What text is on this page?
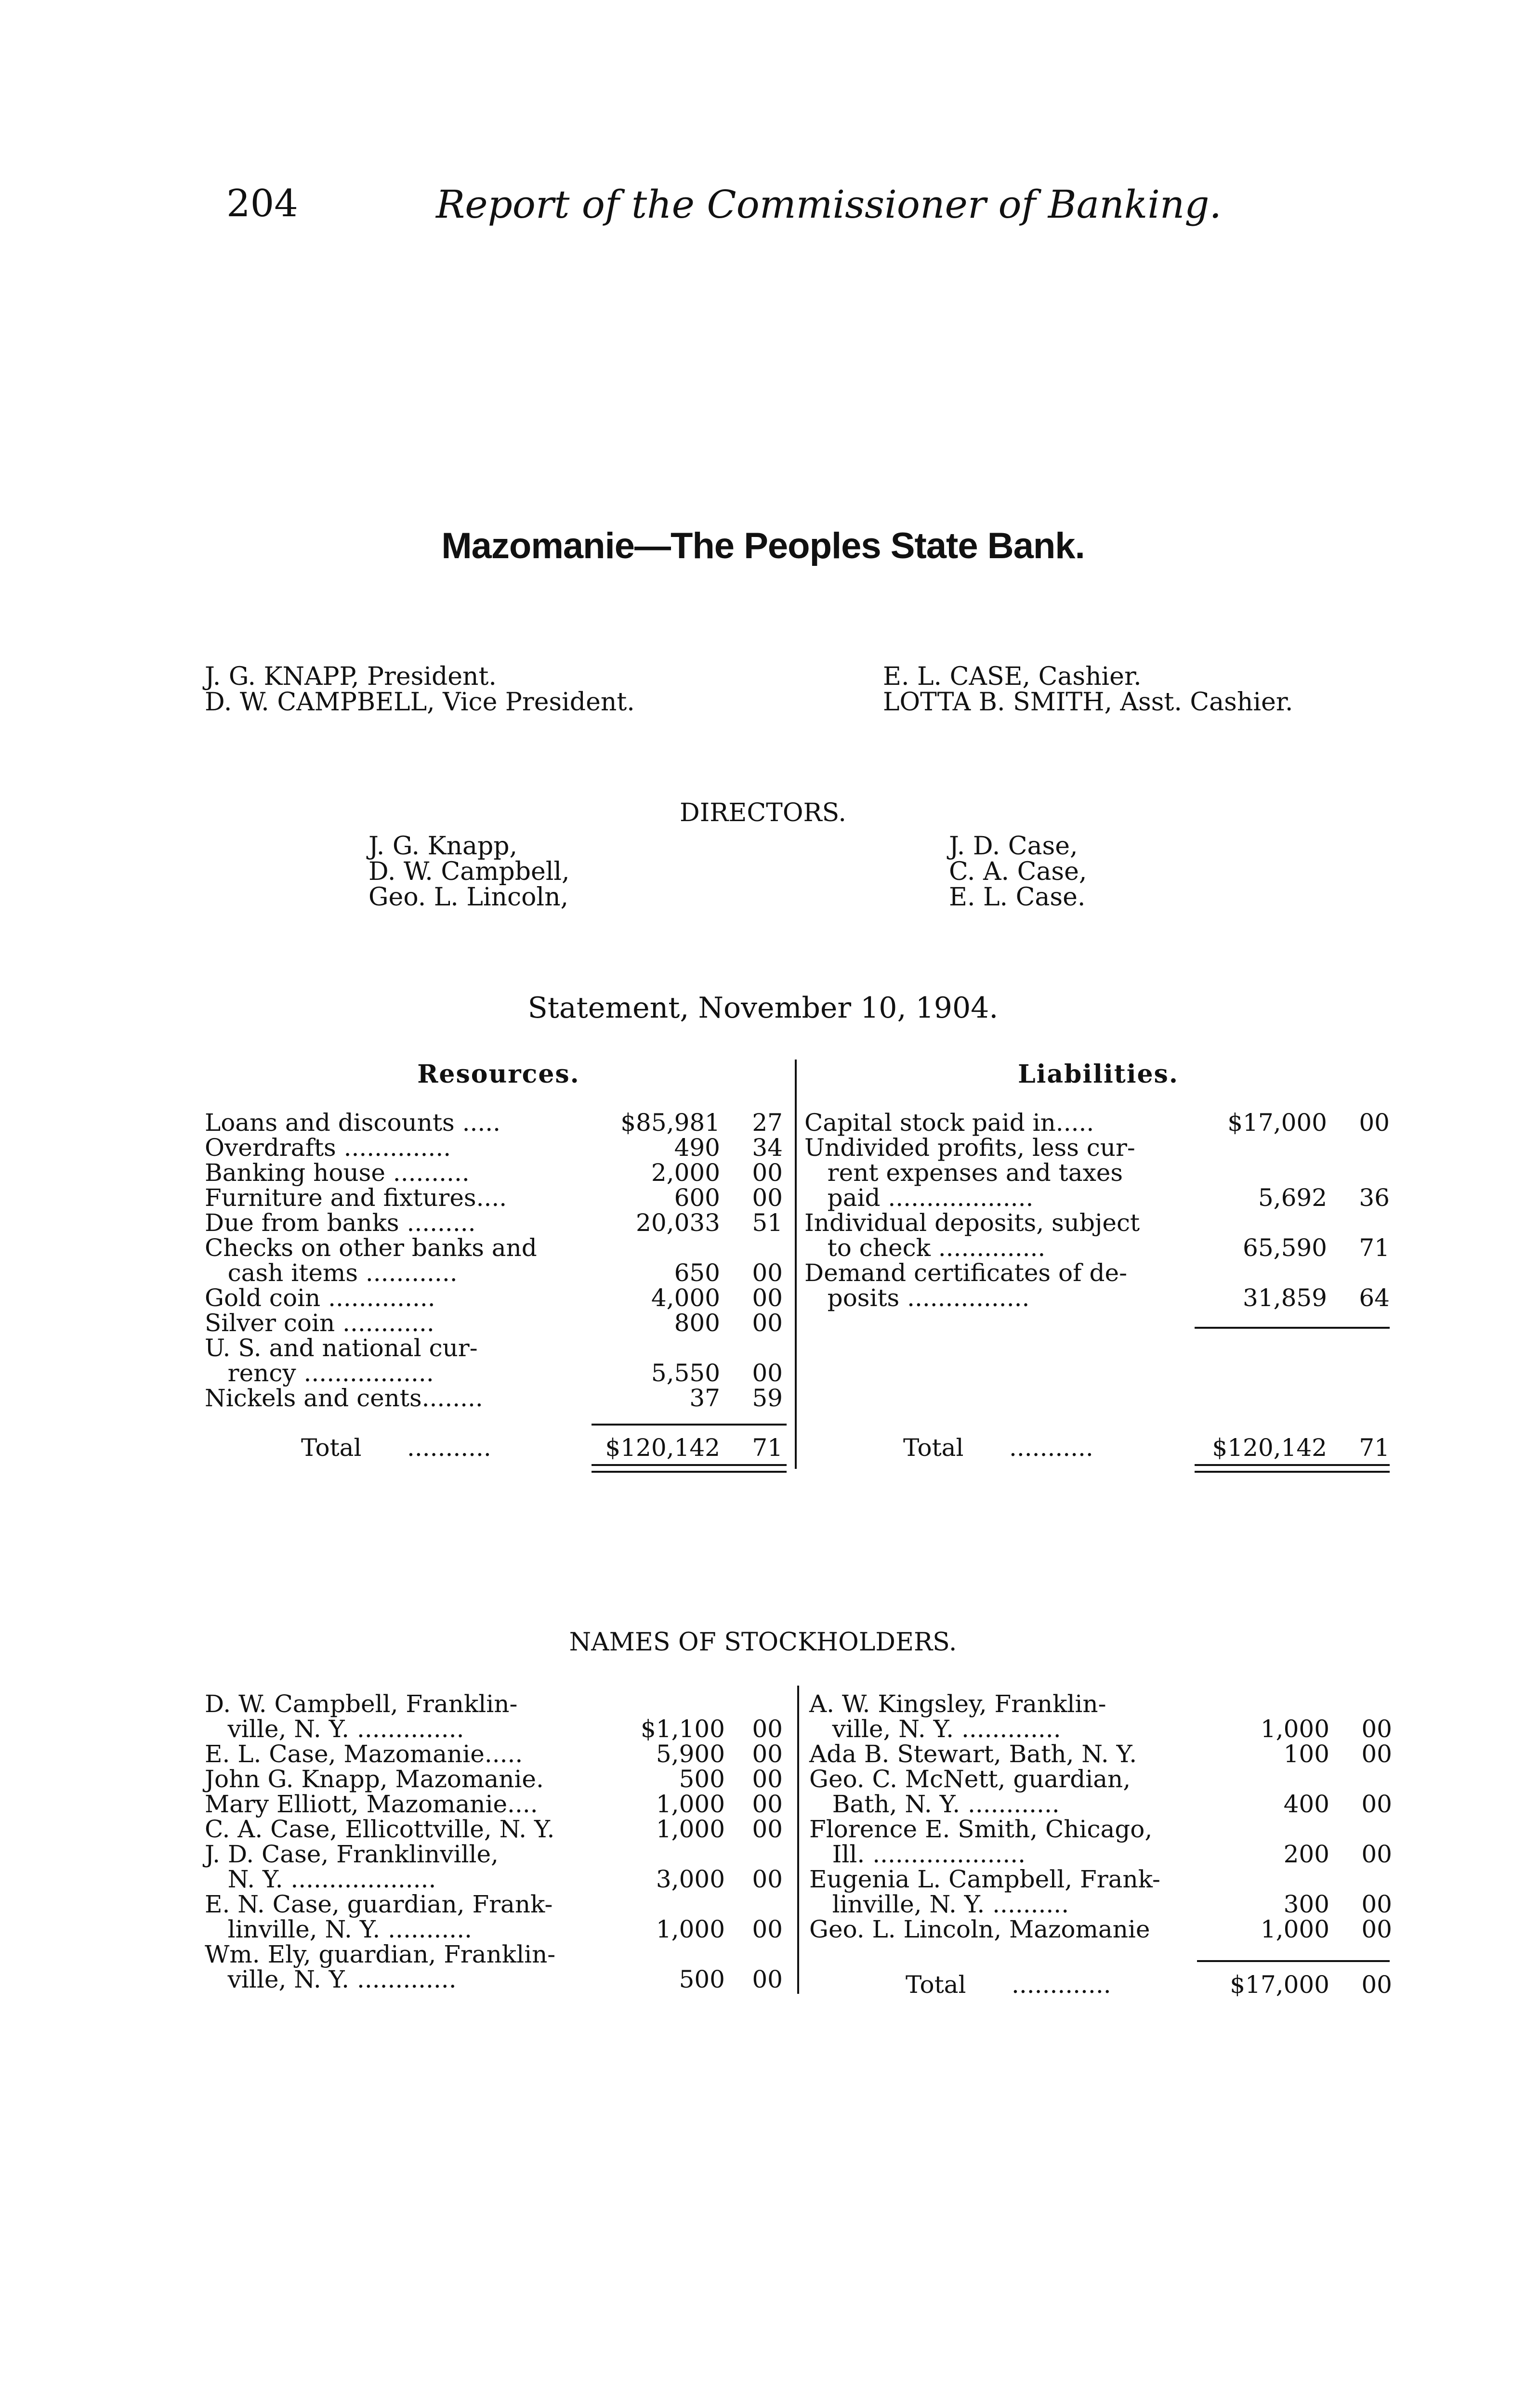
204	Report of the Commissioner of Banking.
Mazomanie—The Peoples State Bank.
J. G. KNAPP, President.
D. W. CAMPBELL, Vice President.
E. L. CASE, Cashier.
LOTTA B. SMITH, Asst. Cashier.
DIRECTORS.
J. G. Knapp,
D. W. Campbell,
Geo. L. Lincoln,
J. D. Case,
C. A. Case,
E. L. Case.
Statement, November 10, 1904.
Resources.	Liabilities.
Loans and discounts .....	$85,981	27
Overdrafts ..............	490	34
Banking house ..........	2,000	00
Furniture and fixtures....	600	00
Due from banks .........	20,033	51
Checks on other banks and
cash items ............	650	00
Gold coin ..............	4,000	00
Silver coin ............	800	00
U. S. and national cur-
rency .................	5,550	00
Nickels and cents........	37	59
Capital stock paid in.....	$17,000	00
Undivided profits, less cur-
rent expenses and taxes
paid ...................	5,692	36
Individual deposits, subject
to check ..............	65,590	71
Demand certificates of de-
posits ................	31,859	64
Total ...........	$120,142	71	Total ...........	$120,142	71
NAMES OF STOCKHOLDERS.
D. W. Campbell, Franklin-
ville, N. Y. ..............	$1,100	00
E. L. Case, Mazomanie.....	5,900	00
John G. Knapp, Mazomanie.	500	00
Mary Elliott, Mazomanie....	1,000	00
C. A. Case, Ellicottville, N. Y.	1,000	00
J. D. Case, Franklinville,
N. Y. ...................	3,000	00
E. N. Case, guardian, Frank-
linville, N. Y. ...........	1,000	00
Wm. Ely, guardian, Franklin-
ville, N. Y. .............	500	00
A. W. Kingsley, Franklin-
ville, N. Y. .............	1,000	00
Ada B. Stewart, Bath, N. Y.	100	00
Geo. C. McNett, guardian,
Bath, N. Y. ............	400	00
Florence E. Smith, Chicago,
Ill. ....................	200	00
Eugenia L. Campbell, Frank-
linville, N. Y. ..........	300	00
Geo. L. Lincoln, Mazomanie	1,000	00
Total .............	$17,000	00
